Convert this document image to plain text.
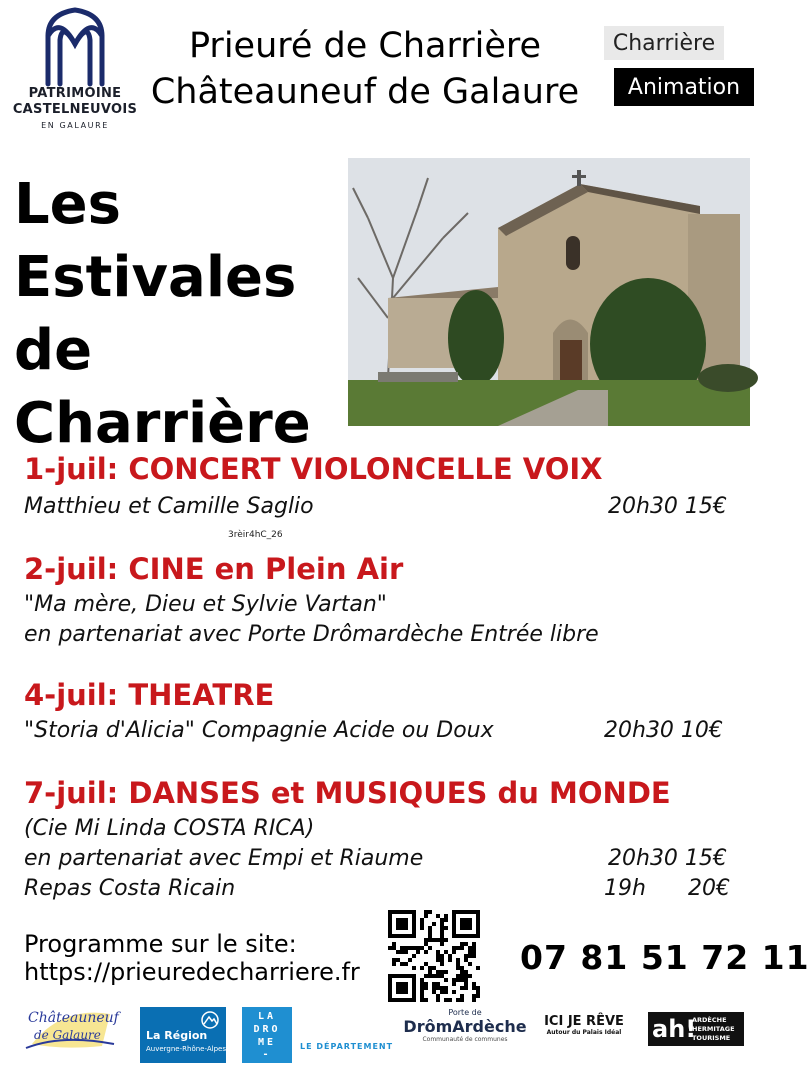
PATRIMOINE
CASTELNEUVOIS
EN GALAURE
Prieuré de Charrière
Châteauneuf de Galaure
Charrière
Animation
Les
Estivales
de
Charrière
1-juil: CONCERT VIOLONCELLE VOIX
Matthieu et Camille Saglio	20h30 15€
3rèir4hC_26
2-juil: CINE en Plein Air
"Ma mère, Dieu et Sylvie Vartan"
en partenariat avec Porte Drômardèche Entrée libre
4-juil: THEATRE
"Storia d'Alicia" Compagnie Acide ou Doux	20h30 10€
7-juil: DANSES et MUSIQUES du MONDE
(Cie Mi Linda COSTA RICA)
en partenariat avec Empi et Riaume	20h30 15€
Repas Costa Ricain	19h 20€
Programme sur le site:
https://prieuredecharriere.fr	07 81 51 72 11
Châteauneuf
de Galaure	La Région
Auvergne-Rhône-Alpes
LA
DRO
ME
-
LE DÉPARTEMENT
Porte de
DrômArdèche
Communauté de communes
ICI JE RÊVE
Autour du Palais Idéal	ah!
ARDÈCHE
HERMITAGE
TOURISME
